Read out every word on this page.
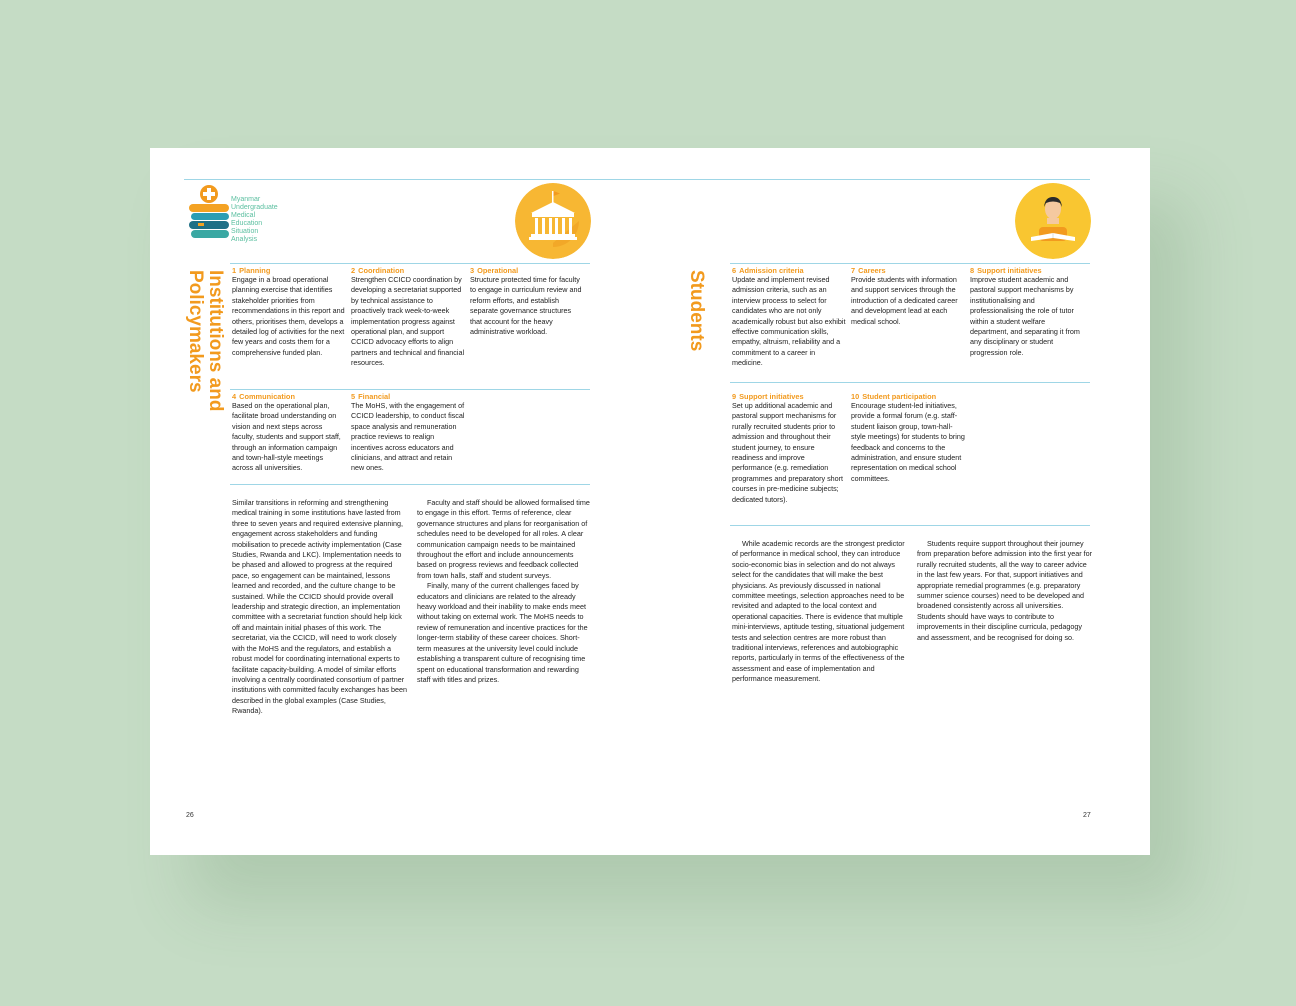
Myanmar
Undergraduate
Medical
Education
Situation
Analysis
Institutions and
Policymakers	1 Planning
Engage in a broad operational planning exercise that identifies stakeholder priorities from recommendations in this report and others, prioritises them, develops a detailed log of activities for the next few years and costs them for a comprehensive funded plan.
2 Coordination
Strengthen CCICD coordination by developing a secretariat supported by technical assistance to proactively track week-to-week implementation progress against operational plan, and support CCICD advocacy efforts to align partners and technical and financial resources.
3 Operational
Structure protected time for faculty to engage in curriculum review and reform efforts, and establish separate governance structures that account for the heavy administrative workload.
4 Communication
Based on the operational plan, facilitate broad understanding on vision and next steps across faculty, students and support staff, through an information campaign and town-hall-style meetings across all universities.
5 Financial
The MoHS, with the engagement of CCICD leadership, to conduct fiscal space analysis and remuneration practice reviews to realign incentives across educators and clinicians, and attract and retain new ones.

Similar transitions in reforming and strengthening medical training in some institutions have lasted from three to seven years and required extensive planning, engagement across stakeholders and funding mobilisation to precede activity implementation (Case Studies, Rwanda and LKC). Implementation needs to be phased and allowed to progress at the required pace, so engagement can be maintained, lessons learned and recorded, and the culture change to be sustained. While the CCICD should provide overall leadership and strategic direction, an implementation committee with a secretariat function should help kick off and maintain initial phases of this work. The secretariat, via the CCICD, will need to work closely with the MoHS and the regulators, and establish a robust model for coordinating international experts to facilitate capacity-building. A model of similar efforts involving a centrally coordinated consortium of partner institutions with committed faculty exchanges has been described in the global examples (Case Studies, Rwanda).

Faculty and staff should be allowed formalised time to engage in this effort. Terms of reference, clear governance structures and plans for reorganisation of schedules need to be developed for all roles. A clear communication campaign needs to be maintained throughout the effort and include announcements based on progress reviews and feedback collected from town halls, staff and student surveys.

Finally, many of the current challenges faced by educators and clinicians are related to the already heavy workload and their inability to make ends meet without taking on external work. The MoHS needs to review of remuneration and incentive practices for the longer-term stability of these career choices. Short-term measures at the university level could include establishing a transparent culture of recognising time spent on educational transformation and rewarding staff with titles and prizes.

26
Students	6 Admission criteria
Update and implement revised admission criteria, such as an interview process to select for candidates who are not only academically robust but also exhibit effective communication skills, empathy, altruism, reliability and a commitment to a career in medicine.
7 Careers
Provide students with information and support services through the introduction of a dedicated career and development lead at each medical school.
8 Support initiatives
Improve student academic and pastoral support mechanisms by institutionalising and professionalising the role of tutor within a student welfare department, and separating it from any disciplinary or student progression role.
9 Support initiatives
Set up additional academic and pastoral support mechanisms for rurally recruited students prior to admission and throughout their student journey, to ensure readiness and improve performance (e.g. remediation programmes and preparatory short courses in pre-medicine subjects; dedicated tutors).
10 Student participation
Encourage student-led initiatives, provide a formal forum (e.g. staff-student liaison group, town-hall-style meetings) for students to bring feedback and concerns to the administration, and ensure student representation on medical school committees.

While academic records are the strongest predictor of performance in medical school, they can introduce socio-economic bias in selection and do not always select for the candidates that will make the best physicians. As previously discussed in national committee meetings, selection approaches need to be revisited and adapted to the local context and operational capacities. There is evidence that multiple mini-interviews, aptitude testing, situational judgement tests and selection centres are more robust than traditional interviews, references and autobiographic reports, particularly in terms of the effectiveness of the assessment and ease of implementation and performance measurement.

Students require support throughout their journey from preparation before admission into the first year for rurally recruited students, all the way to career advice in the last few years. For that, support initiatives and appropriate remedial programmes (e.g. preparatory summer science courses) need to be developed and broadened consistently across all universities. Students should have ways to contribute to improvements in their discipline curricula, pedagogy and assessment, and be recognised for doing so.

27
